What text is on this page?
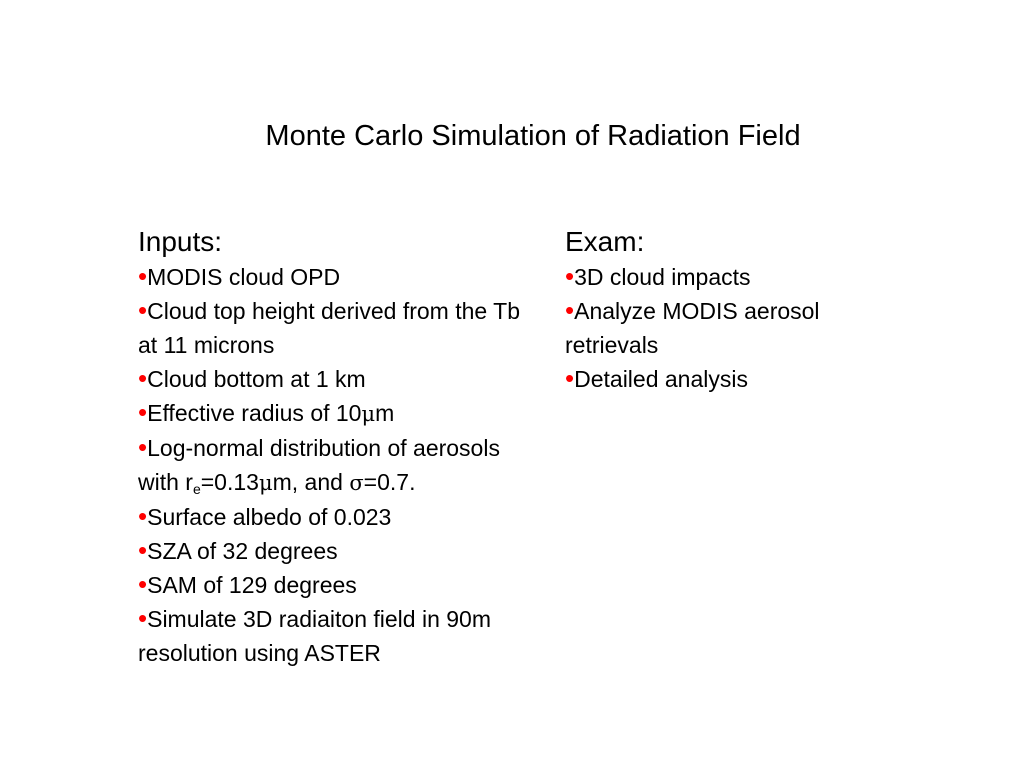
Monte Carlo Simulation of Radiation Field
Inputs:
•MODIS cloud OPD
•Cloud top height derived from the Tb at 11 microns
•Cloud bottom at 1 km
•Effective radius of 10μm
•Log-normal distribution of aerosols with $r_e=0.13\mu m$, and σ=0.7.
•Surface albedo of 0.023
•SZA of 32 degrees
•SAM of 129 degrees
•Simulate 3D radiaiton field in 90m resolution using ASTER
Exam:
•3D cloud impacts
•Analyze MODIS aerosol retrievals
•Detailed analysis
